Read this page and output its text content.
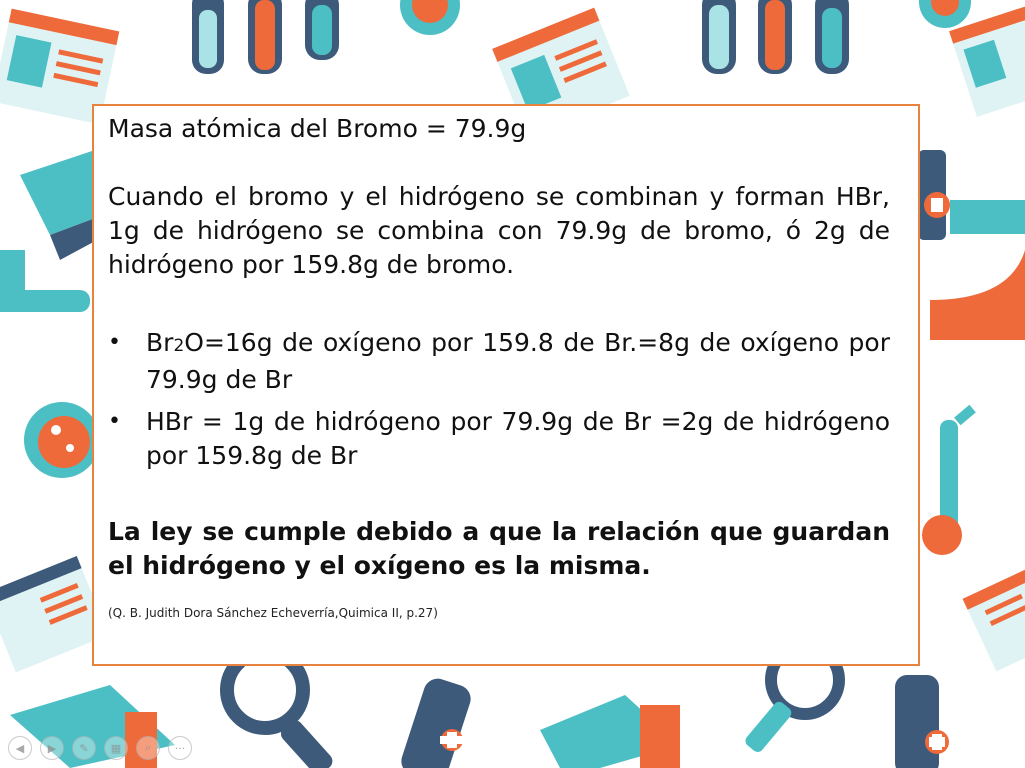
Masa atómica del Bromo = 79.9g

Cuando el bromo y el hidrógeno se combinan y forman HBr, 1g de hidrógeno se combina con 79.9g de bromo, ó 2g de hidrógeno por 159.8g de bromo.

• Br2O=16g de oxígeno por 159.8 de Br.=8g de oxígeno por 79.9g de Br
• HBr = 1g de hidrógeno por 79.9g de Br =2g de hidrógeno por 159.8g de Br

La ley se cumple debido a que la relación que guardan el hidrógeno y el oxígeno es la misma.

(Q. B. Judith Dora Sánchez Echeverría,Quimica II, p.27)

◀ ▶ ✎ ▦ ⌕ ···
